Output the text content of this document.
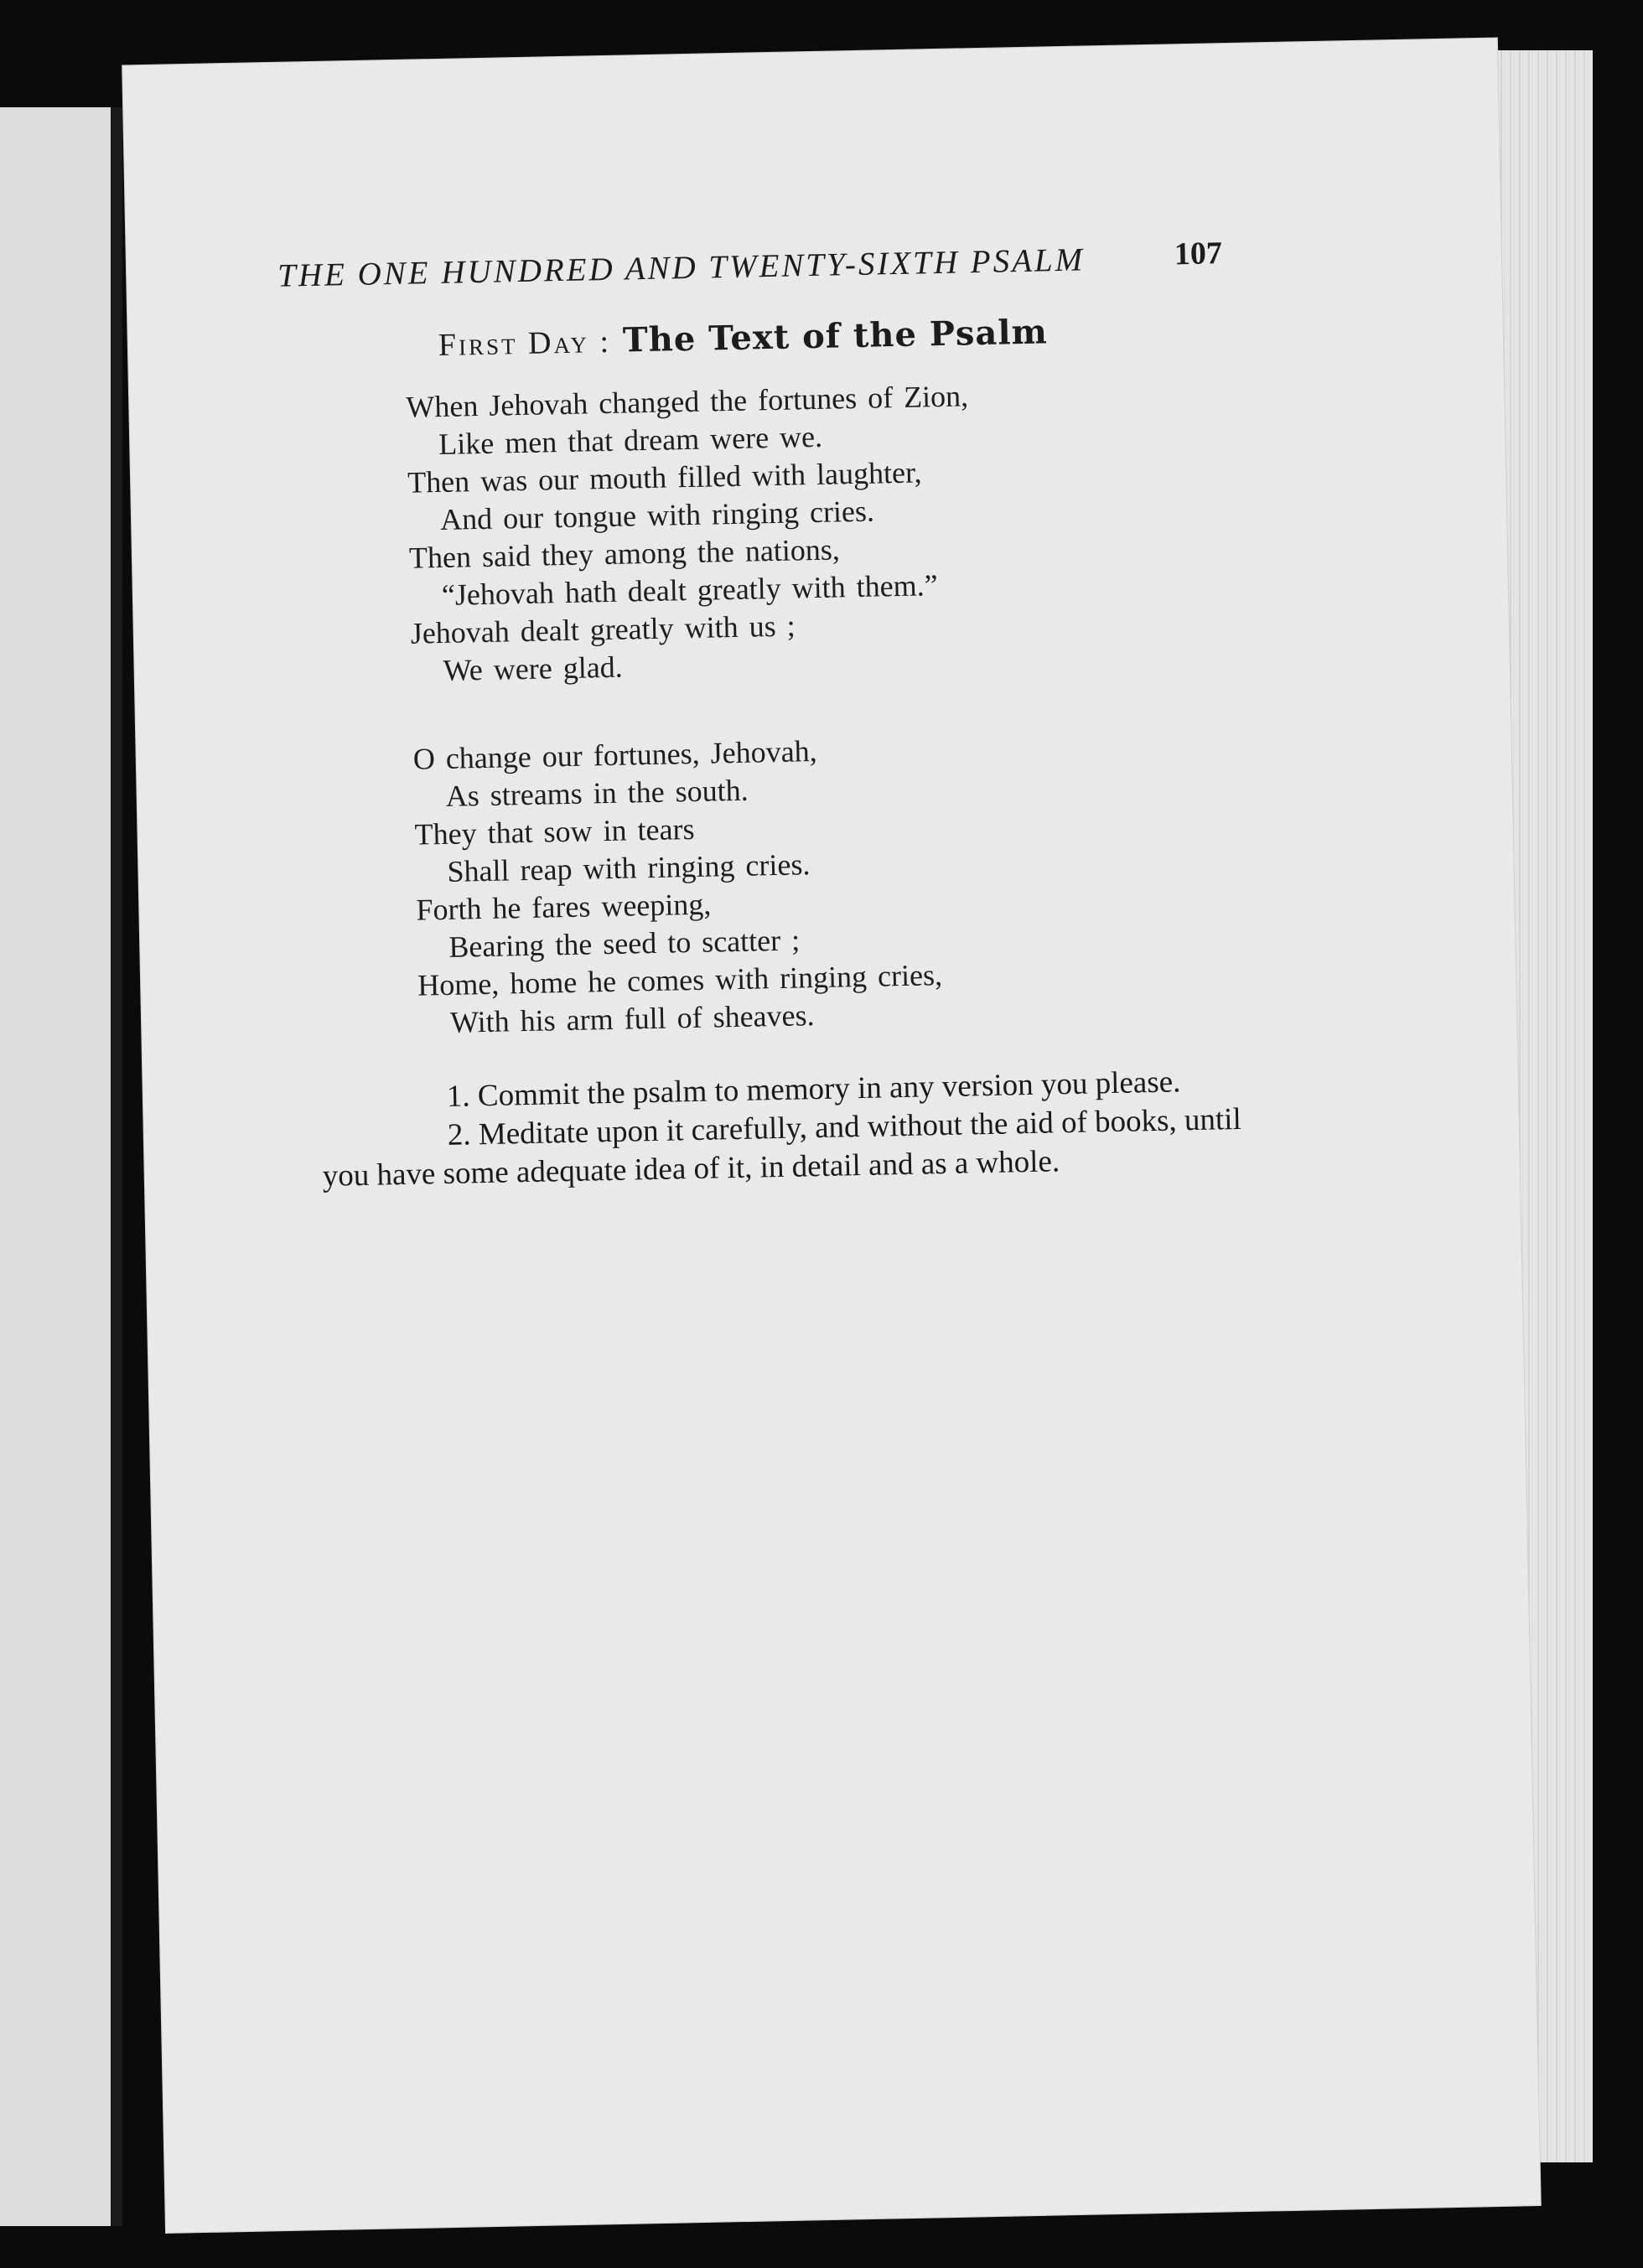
THE ONE HUNDRED AND TWENTY-SIXTH PSALM	107
First Day : The Text of the Psalm
When Jehovah changed the fortunes of Zion,
Like men that dream were we.
Then was our mouth filled with laughter,
And our tongue with ringing cries.
Then said they among the nations,
“Jehovah hath dealt greatly with them.”
Jehovah dealt greatly with us ;
We were glad.
O change our fortunes, Jehovah,
As streams in the south.
They that sow in tears
Shall reap with ringing cries.
Forth he fares weeping,
Bearing the seed to scatter ;
Home, home he comes with ringing cries,
With his arm full of sheaves.
1. Commit the psalm to memory in any version you please.
2. Meditate upon it carefully, and without the aid of books, until
you have some adequate idea of it, in detail and as a whole.
